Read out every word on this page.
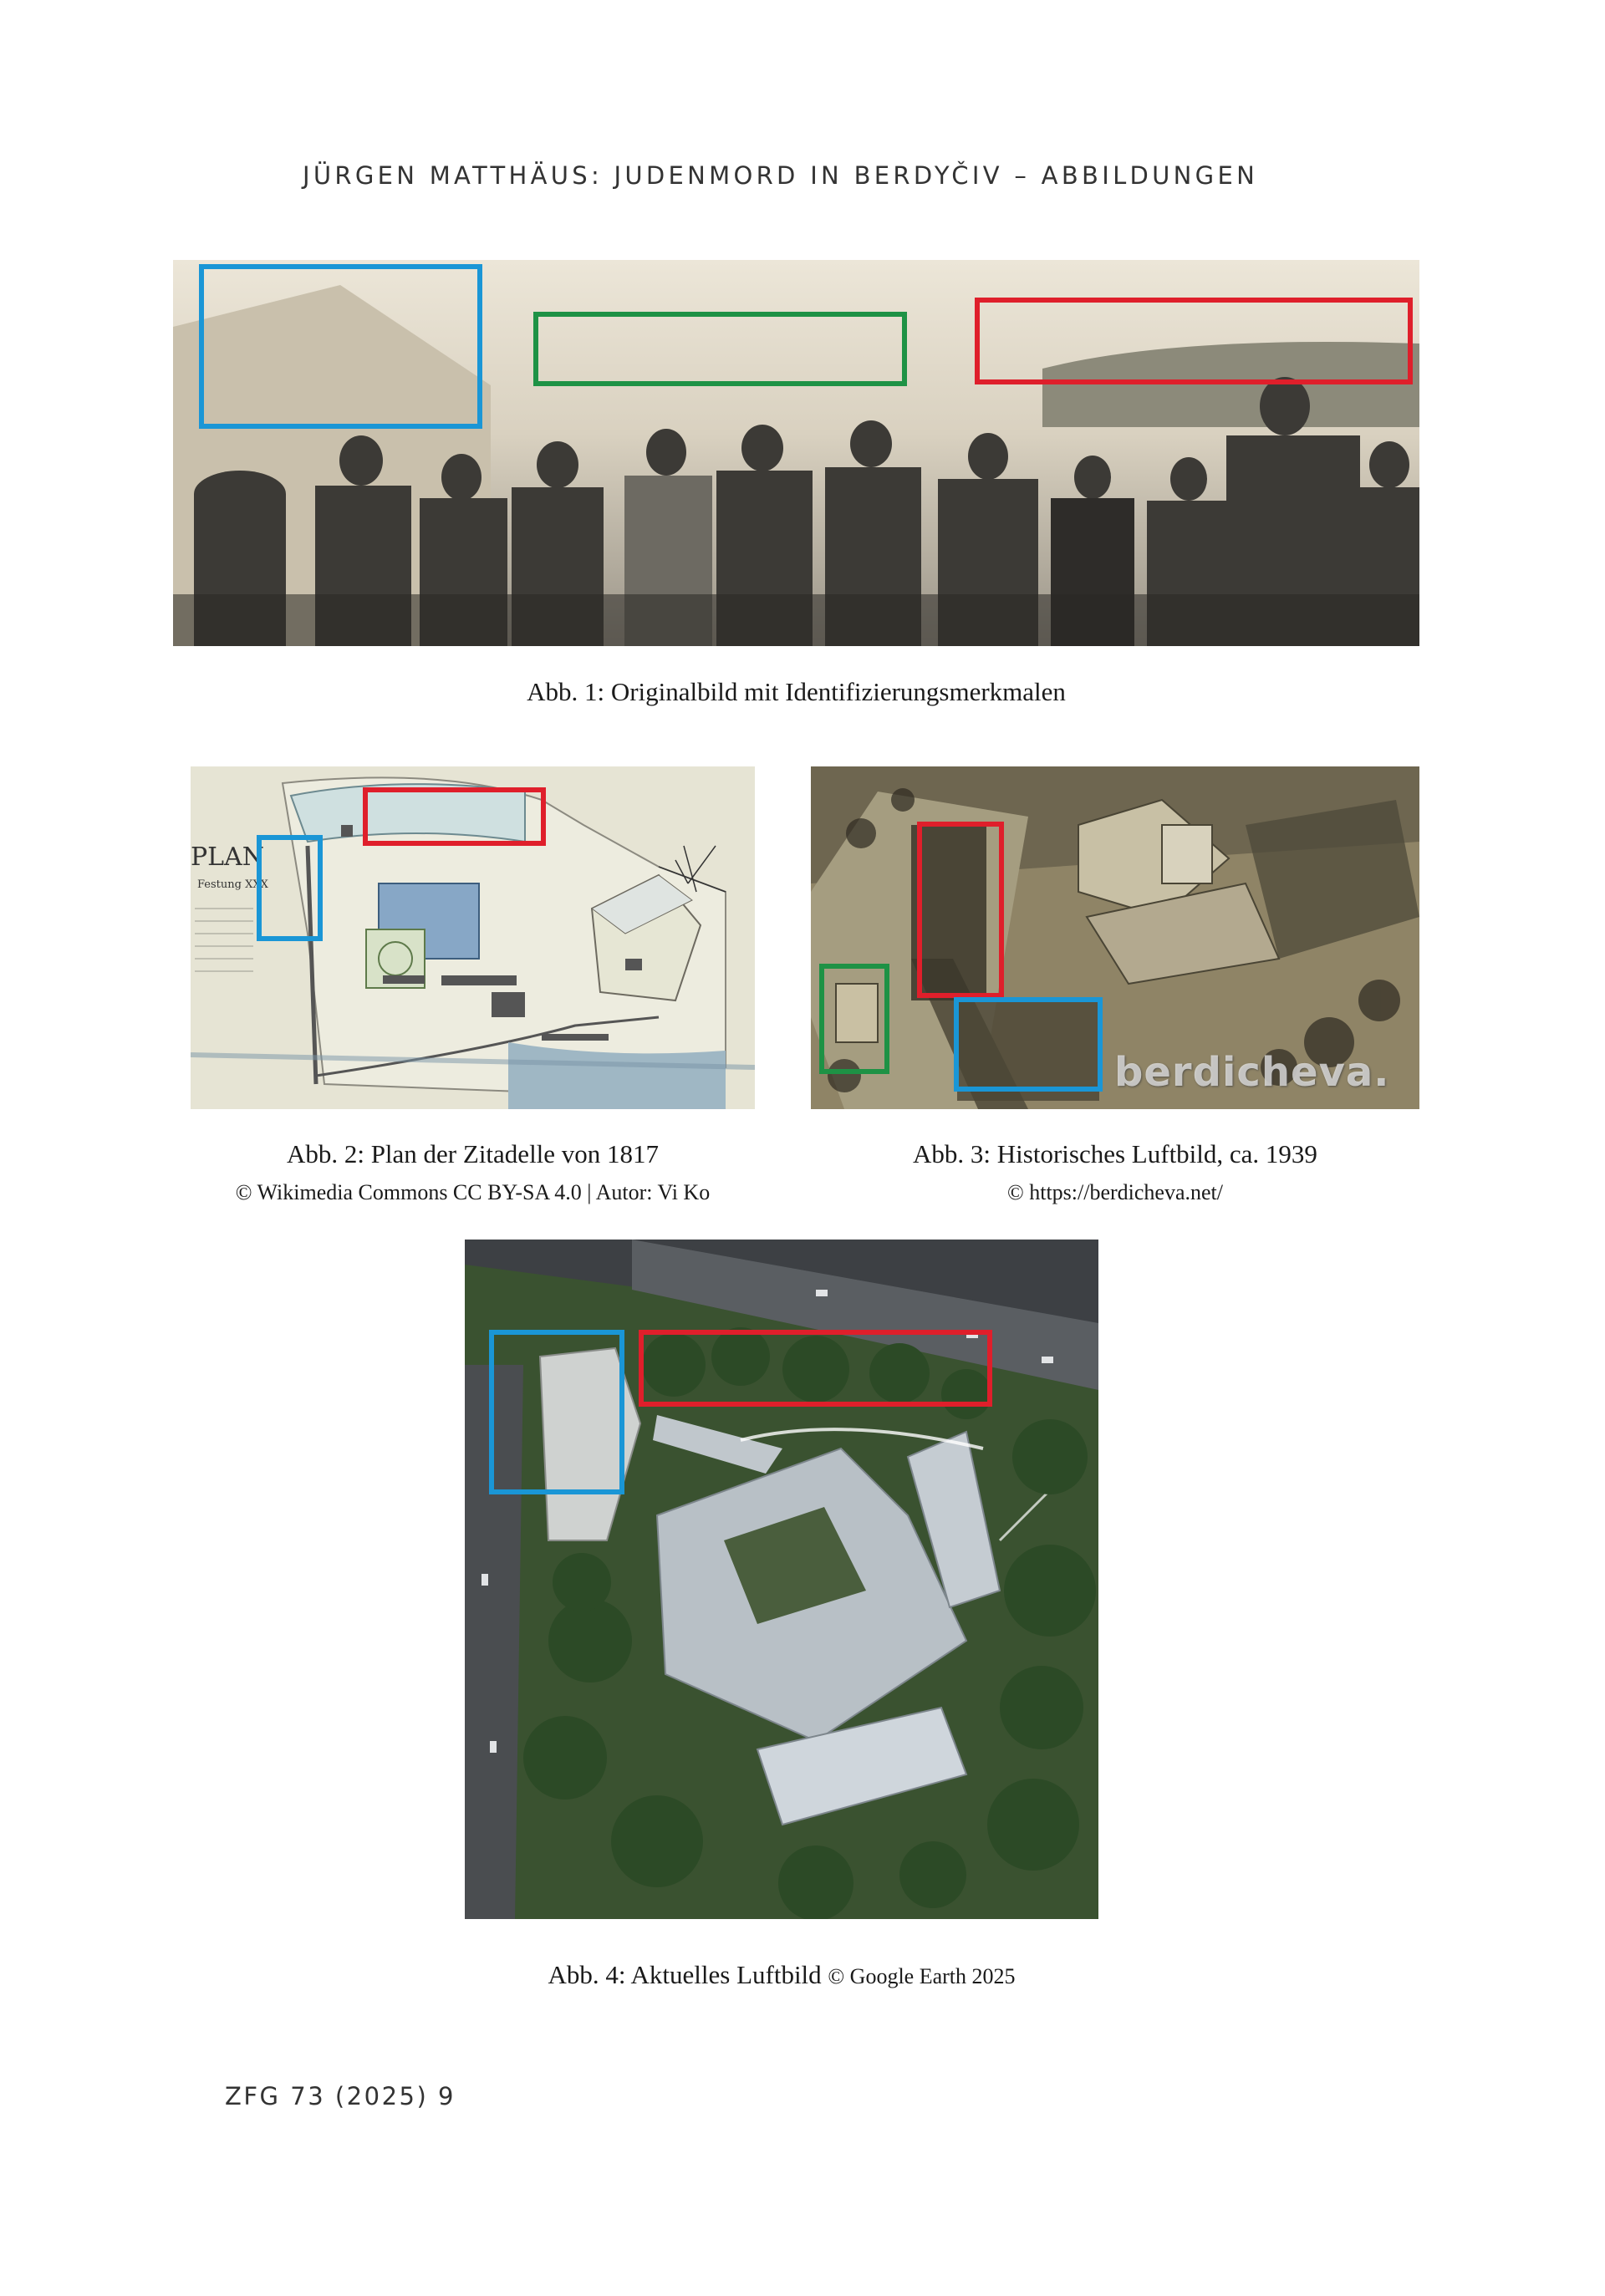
JÜRGEN MATTHÄUS: JUDENMORD IN BERDYČIV – ABBILDUNGEN
Abb. 1: Originalbild mit Identifizierungsmerkmalen
PLAN
Festung XXX
Abb. 2: Plan der Zitadelle von 1817
© Wikimedia Commons CC BY-SA 4.0 | Autor: Vi Ko
berdicheva.
Abb. 3: Historisches Luftbild, ca. 1939
© https://berdicheva.net/
Abb. 4: Aktuelles Luftbild © Google Earth 2025
ZFG 73 (2025) 9
